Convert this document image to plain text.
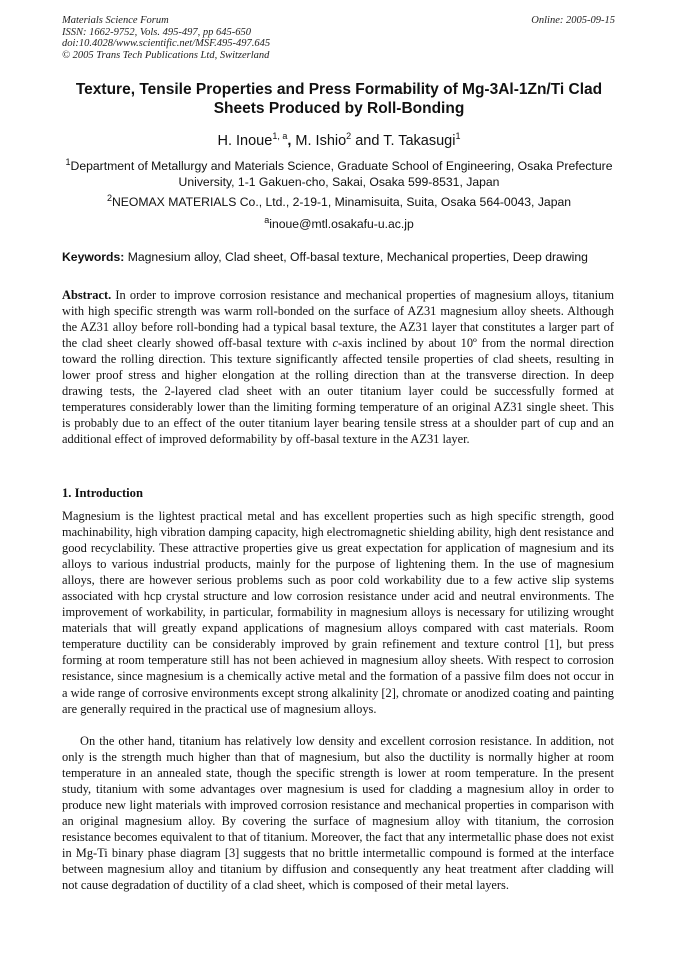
Materials Science Forum
ISSN: 1662-9752, Vols. 495-497, pp 645-650
doi:10.4028/www.scientific.net/MSF.495-497.645
© 2005 Trans Tech Publications Ltd, Switzerland
Online: 2005-09-15
Texture, Tensile Properties and Press Formability of Mg-3Al-1Zn/Ti Clad Sheets Produced by Roll-Bonding
H. Inoue$^{1, a}$, M. Ishio$^2$ and T. Takasugi$^1$
$^1$Department of Metallurgy and Materials Science, Graduate School of Engineering, Osaka Prefecture University, 1-1 Gakuen-cho, Sakai, Osaka 599-8531, Japan
$^2$NEOMAX MATERIALS Co., Ltd., 2-19-1, Minamisuita, Suita, Osaka 564-0043, Japan
$^a$inoue@mtl.osakafu-u.ac.jp
Keywords: Magnesium alloy, Clad sheet, Off-basal texture, Mechanical properties, Deep drawing
Abstract. In order to improve corrosion resistance and mechanical properties of magnesium alloys, titanium with high specific strength was warm roll-bonded on the surface of AZ31 magnesium alloy sheets. Although the AZ31 alloy before roll-bonding had a typical basal texture, the AZ31 layer that constitutes a larger part of the clad sheet clearly showed off-basal texture with c-axis inclined by about 10º from the normal direction toward the rolling direction. This texture significantly affected tensile properties of clad sheets, resulting in lower proof stress and higher elongation at the rolling direction than at the transverse direction. In deep drawing tests, the 2-layered clad sheet with an outer titanium layer could be successfully formed at temperatures considerably lower than the limiting forming temperature of an original AZ31 single sheet. This is probably due to an effect of the outer titanium layer bearing tensile stress at a shoulder part of cup and an additional effect of improved deformability by off-basal texture in the AZ31 layer.
1. Introduction
Magnesium is the lightest practical metal and has excellent properties such as high specific strength, good machinability, high vibration damping capacity, high electromagnetic shielding ability, high dent resistance and good recyclability. These attractive properties give us great expectation for application of magnesium and its alloys to various industrial products, mainly for the purpose of lightening them. In the use of magnesium alloys, there are however serious problems such as poor cold workability due to a few active slip systems associated with hcp crystal structure and low corrosion resistance under acid and neutral environments. The improvement of workability, in particular, formability in magnesium alloys is necessary for utilizing wrought materials that will greatly expand applications of magnesium alloys compared with cast materials. Room temperature ductility can be considerably improved by grain refinement and texture control [1], but press forming at room temperature still has not been achieved in magnesium alloy sheets. With respect to corrosion resistance, since magnesium is a chemically active metal and the formation of a passive film does not occur in a wide range of corrosive environments except strong alkalinity [2], chromate or anodized coating and painting are generally required in the practical use of magnesium alloys.
On the other hand, titanium has relatively low density and excellent corrosion resistance. In addition, not only is the strength much higher than that of magnesium, but also the ductility is normally higher at room temperature in an annealed state, though the specific strength is lower at room temperature. In the present study, titanium with some advantages over magnesium is used for cladding a magnesium alloy in order to produce new light materials with improved corrosion resistance and mechanical properties in comparison with an original magnesium alloy. By covering the surface of magnesium alloy with titanium, the corrosion resistance becomes equivalent to that of titanium. Moreover, the fact that any intermetallic phase does not exist in Mg-Ti binary phase diagram [3] suggests that no brittle intermetallic compound is formed at the interface between magnesium alloy and titanium by diffusion and consequently any heat treatment after cladding will not cause degradation of ductility of a clad sheet, which is composed of their metal layers.
